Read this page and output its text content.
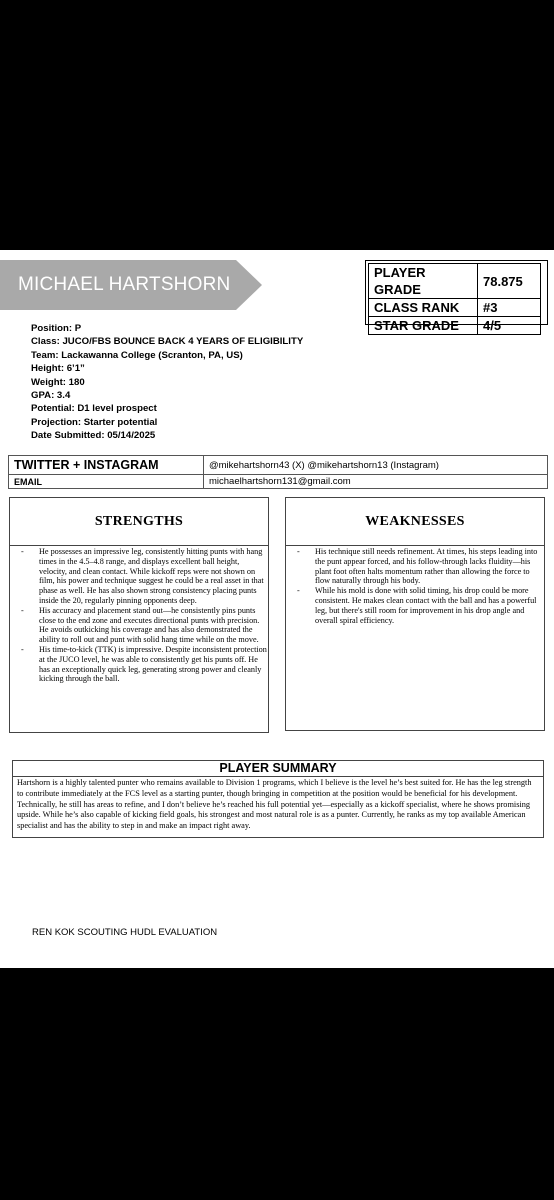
MICHAEL HARTSHORN
PLAYER GRADE	78.875
CLASS RANK	#3
STAR GRADE	4/5
Position: P
Class: JUCO/FBS BOUNCE BACK 4 YEARS OF ELIGIBILITY
Team: Lackawanna College (Scranton, PA, US)
Height: 6’1”
Weight: 180
GPA: 3.4
Potential: D1 level prospect
Projection: Starter potential
Date Submitted: 05/14/2025
TWITTER + INSTAGRAM	@mikehartshorn43 (X) @mikehartshorn13 (Instagram)
EMAIL	michaelhartshorn131@gmail.com
STRENGTHS
- He possesses an impressive leg, consistently hitting punts with hang times in the 4.5–4.8 range, and displays excellent ball height, velocity, and clean contact. While kickoff reps were not shown on film, his power and technique suggest he could be a real asset in that phase as well. He has also shown strong consistency placing punts inside the 20, regularly pinning opponents deep.
- His accuracy and placement stand out—he consistently pins punts close to the end zone and executes directional punts with precision. He avoids outkicking his coverage and has also demonstrated the ability to roll out and punt with solid hang time while on the move.
- His time-to-kick (TTK) is impressive. Despite inconsistent protection at the JUCO level, he was able to consistently get his punts off. He has an exceptionally quick leg, generating strong power and cleanly kicking through the ball.
WEAKNESSES
- His technique still needs refinement. At times, his steps leading into the punt appear forced, and his follow-through lacks fluidity—his plant foot often halts momentum rather than allowing the force to flow naturally through his body.
- While his mold is done with solid timing, his drop could be more consistent. He makes clean contact with the ball and has a powerful leg, but there's still room for improvement in his drop angle and overall spiral efficiency.
PLAYER SUMMARY
Hartshorn is a highly talented punter who remains available to Division 1 programs, which I believe is the level he’s best suited for. He has the leg strength to contribute immediately at the FCS level as a starting punter, though bringing in competition at the position would be beneficial for his development. Technically, he still has areas to refine, and I don’t believe he’s reached his full potential yet—especially as a kickoff specialist, where he shows promising upside. While he’s also capable of kicking field goals, his strongest and most natural role is as a punter. Currently, he ranks as my top available American specialist and has the ability to step in and make an impact right away.
REN KOK SCOUTING HUDL EVALUATION
